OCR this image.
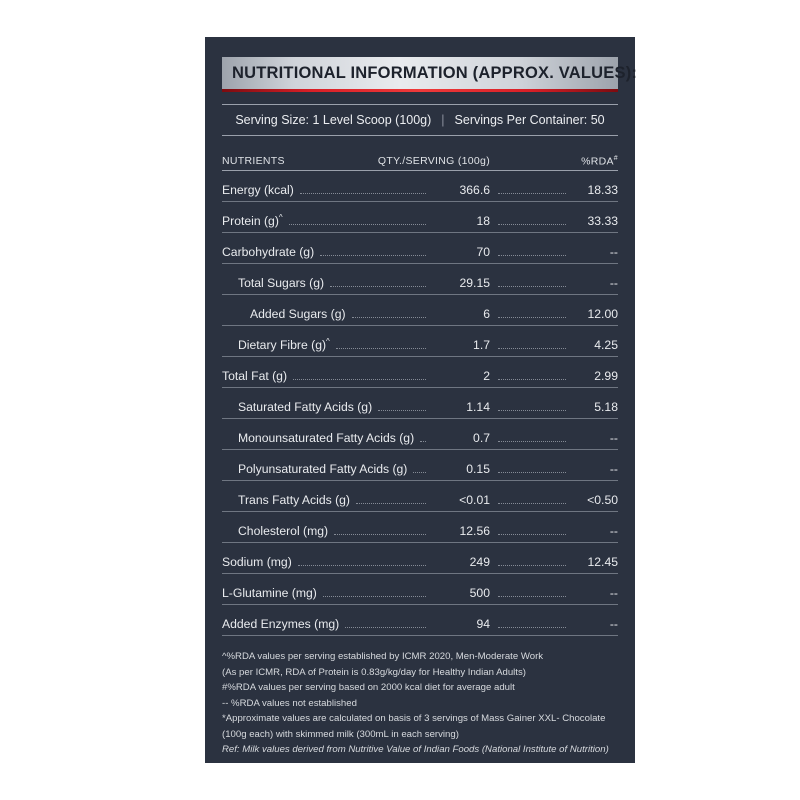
NUTRITIONAL INFORMATION (APPROX. VALUES):
Serving Size: 1 Level Scoop (100g) | Servings Per Container: 50
NUTRIENTS	QTY./SERVING (100g)	%RDA#
Energy (kcal)	366.6	18.33
Protein (g)^	18	33.33
Carbohydrate (g)	70	--
Total Sugars (g)	29.15	--
Added Sugars (g)	6	12.00
Dietary Fibre (g)^	1.7	4.25
Total Fat (g)	2	2.99
Saturated Fatty Acids (g)	1.14	5.18
Monounsaturated Fatty Acids (g)	0.7	--
Polyunsaturated Fatty Acids (g)	0.15	--
Trans Fatty Acids (g)	<0.01	<0.50
Cholesterol (mg)	12.56	--
Sodium (mg)	249	12.45
L-Glutamine (mg)	500	--
Added Enzymes (mg)	94	--
^%RDA values per serving established by ICMR 2020, Men-Moderate Work
(As per ICMR, RDA of Protein is 0.83g/kg/day for Healthy Indian Adults)
#%RDA values per serving based on 2000 kcal diet for average adult
-- %RDA values not established
*Approximate values are calculated on basis of 3 servings of Mass Gainer XXL- Chocolate
(100g each) with skimmed milk (300mL in each serving)
Ref: Milk values derived from Nutritive Value of Indian Foods (National Institute of Nutrition)
